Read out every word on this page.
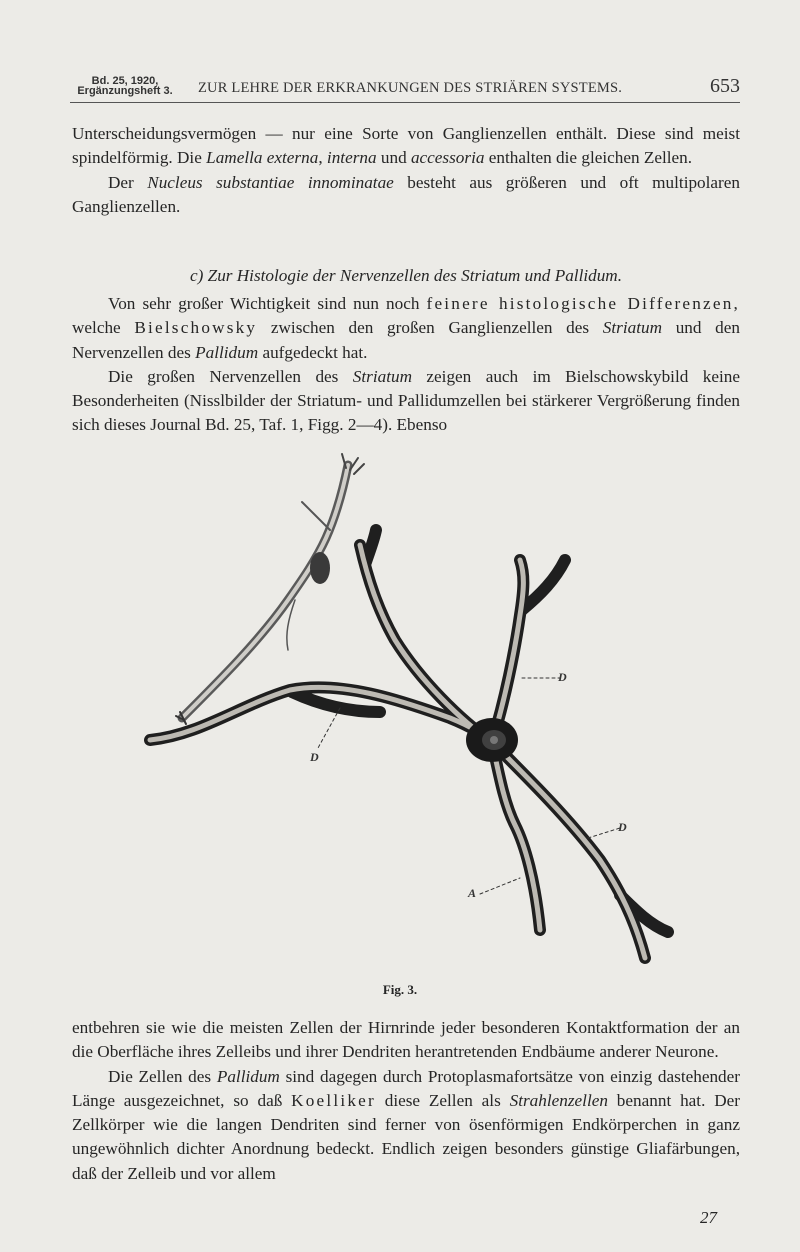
Bd. 25, 1920,
Ergänzungsheft 3.	ZUR LEHRE DER ERKRANKUNGEN DES STRIÄREN SYSTEMS.	653

Unterscheidungsvermögen — nur eine Sorte von Ganglienzellen enthält. Diese sind meist spindelförmig. Die Lamella externa, interna und accessoria enthalten die gleichen Zellen.

Der Nucleus substantiae innominatae besteht aus größeren und oft multipolaren Ganglienzellen.

c) Zur Histologie der Nervenzellen des Striatum und Pallidum.

Von sehr großer Wichtigkeit sind nun noch feinere histologische Differenzen, welche Bielschowsky zwischen den großen Ganglienzellen des Striatum und den Nervenzellen des Pallidum aufgedeckt hat.

Die großen Nervenzellen des Striatum zeigen auch im Bielschowskybild keine Besonderheiten (Nisslbilder der Striatum- und Pallidumzellen bei stärkerer Vergrößerung finden sich dieses Journal Bd. 25, Taf. 1, Figg. 2—4). Ebenso

D
D
D
A
Fig. 3.

entbehren sie wie die meisten Zellen der Hirnrinde jeder besonderen Kontaktformation der an die Oberfläche ihres Zelleibs und ihrer Dendriten herantretenden Endbäume anderer Neurone.

Die Zellen des Pallidum sind dagegen durch Protoplasmafortsätze von einzig dastehender Länge ausgezeichnet, so daß Koelliker diese Zellen als Strahlenzellen benannt hat. Der Zellkörper wie die langen Dendriten sind ferner von ösenförmigen Endkörperchen in ganz ungewöhnlich dichter Anordnung bedeckt. Endlich zeigen besonders günstige Gliafärbungen, daß der Zelleib und vor allem

27
